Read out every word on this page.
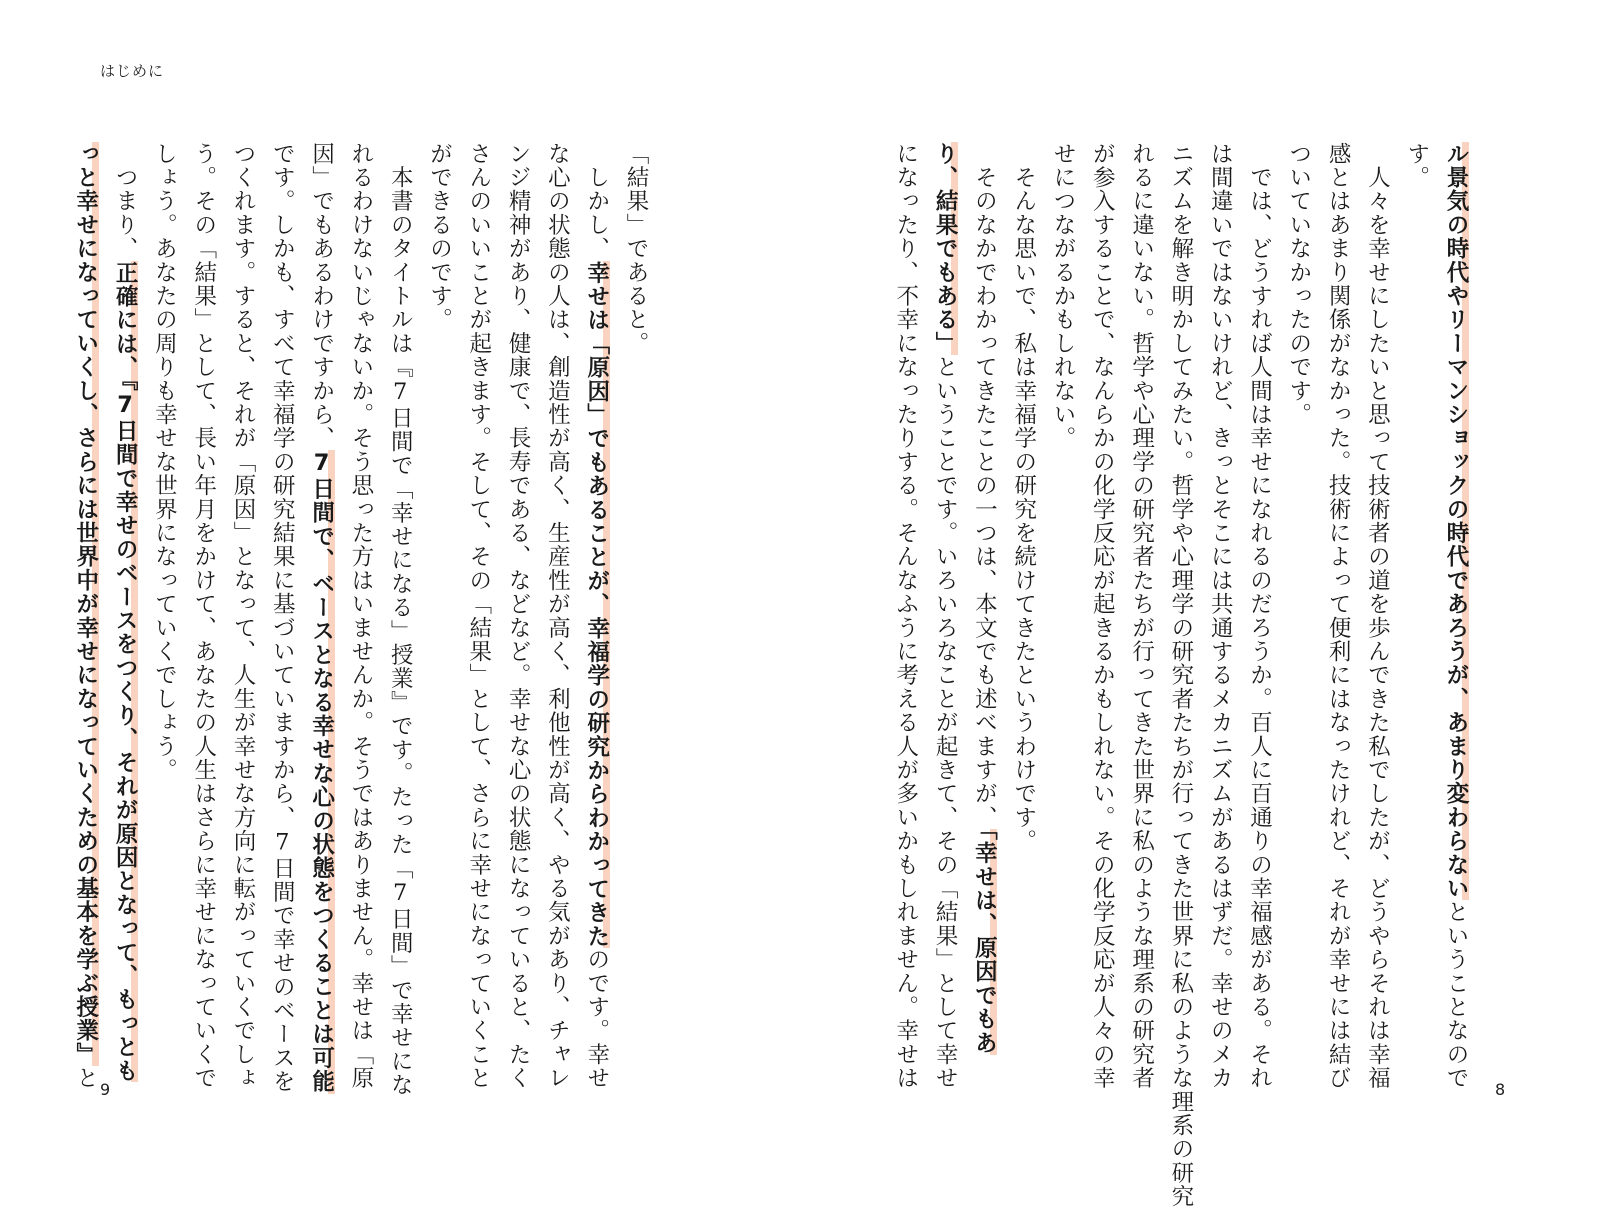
はじめに
ル景気の時代やリーマンショックの時代であろうが、あまり変わらないということなので
す。
　人々を幸せにしたいと思って技術者の道を歩んできた私でしたが、どうやらそれは幸福
感とはあまり関係がなかった。技術によって便利にはなったけれど、それが幸せには結び
ついていなかったのです。
　では、どうすれば人間は幸せになれるのだろうか。百人に百通りの幸福感がある。それ
は間違いではないけれど、きっとそこには共通するメカニズムがあるはずだ。幸せのメカ
ニズムを解き明かしてみたい。哲学や心理学の研究者たちが行ってきた世界に私のような理系の研究
れるに違いない。哲学や心理学の研究者たちが行ってきた世界に私のような理系の研究者
が参入することで、なんらかの化学反応が起きるかもしれない。その化学反応が人々の幸
せにつながるかもしれない。
　そんな思いで、私は幸福学の研究を続けてきたというわけです。
　そのなかでわかってきたことの一つは、本文でも述べますが、「幸せは、原因でもあ
り、結果でもある」ということです。いろいろなことが起きて、その「結果」として幸せ
になったり、不幸になったりする。そんなふうに考える人が多いかもしれません。幸せは
「結果」であると。
　しかし、幸せは「原因」でもあることが、幸福学の研究からわかってきたのです。幸せ
な心の状態の人は、創造性が高く、生産性が高く、利他性が高く、やる気があり、チャレ
ンジ精神があり、健康で、長寿である、などなど。幸せな心の状態になっていると、たく
さんのいいことが起きます。そして、その「結果」として、さらに幸せになっていくこと
ができるのです。
　本書のタイトルは『7日間で「幸せになる」授業』です。たった「7日間」で幸せにな
れるわけないじゃないか。そう思った方はいませんか。そうではありません。幸せは「原
因」でもあるわけですから、7日間で、ベースとなる幸せな心の状態をつくることは可能
です。しかも、すべて幸福学の研究結果に基づいていますから、7日間で幸せのベースを
つくれます。すると、それが「原因」となって、人生が幸せな方向に転がっていくでしょ
う。その「結果」として、長い年月をかけて、あなたの人生はさらに幸せになっていくで
しょう。あなたの周りも幸せな世界になっていくでしょう。
　つまり、正確には、『7日間で幸せのベースをつくり、それが原因となって、もっとも
っと幸せになっていくし、さらには世界中が幸せになっていくための基本を学ぶ授業』と	8
9
